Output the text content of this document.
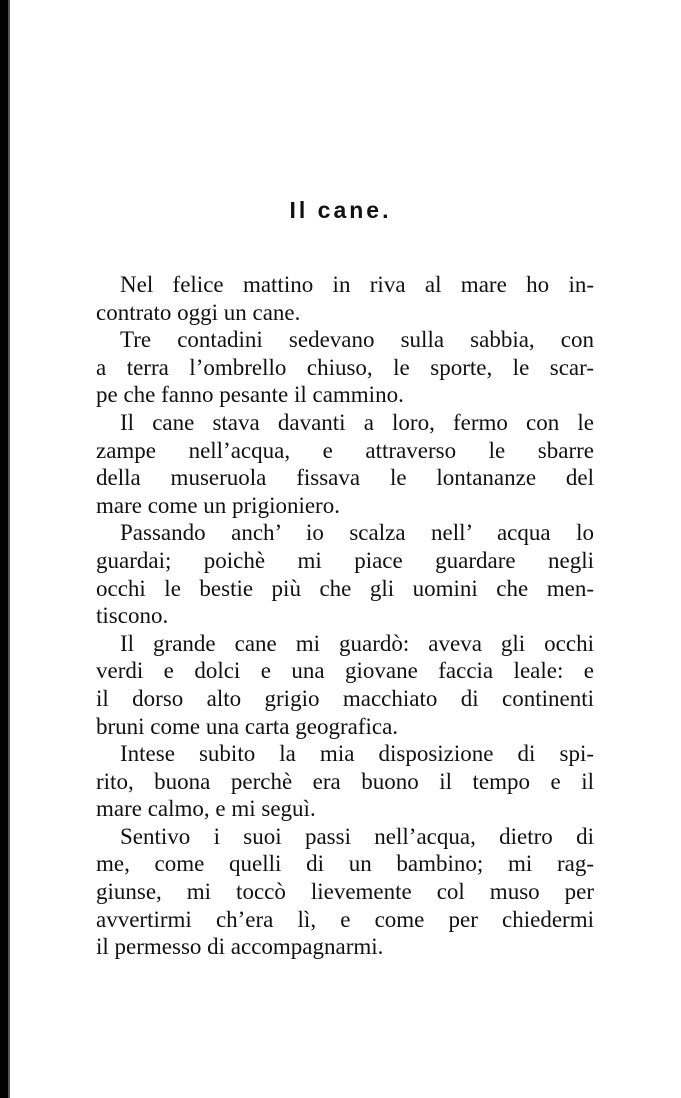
Il cane.
Nel felice mattino in riva al mare ho in-
contrato oggi un cane.
Tre contadini sedevano sulla sabbia, con
a terra l’ombrello chiuso, le sporte, le scar-
pe che fanno pesante il cammino.
Il cane stava davanti a loro, fermo con le
zampe nell’acqua, e attraverso le sbarre
della museruola fissava le lontananze del
mare come un prigioniero.
Passando anch’ io scalza nell’ acqua lo
guardai; poichè mi piace guardare negli
occhi le bestie più che gli uomini che men-
tiscono.
Il grande cane mi guardò: aveva gli occhi
verdi e dolci e una giovane faccia leale: e
il dorso alto grigio macchiato di continenti
bruni come una carta geografica.
Intese subito la mia disposizione di spi-
rito, buona perchè era buono il tempo e il
mare calmo, e mi seguì.
Sentivo i suoi passi nell’acqua, dietro di
me, come quelli di un bambino; mi rag-
giunse, mi toccò lievemente col muso per
avvertirmi ch’era lì, e come per chiedermi
il permesso di accompagnarmi.
